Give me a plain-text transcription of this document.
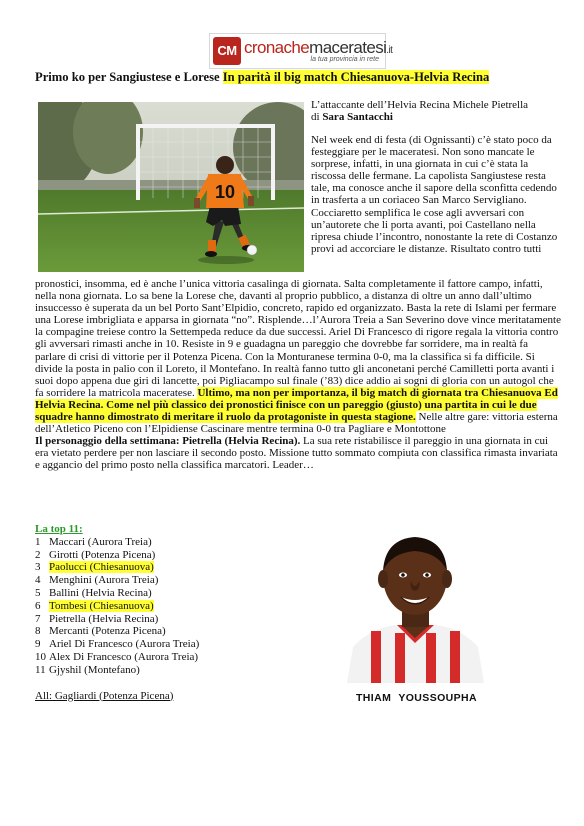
CM cronachemaceratesi.it
la tua provincia in rete
Primo ko per Sangiustese e Lorese In parità il big match Chiesanuova-Helvia Recina
10
L’attaccante dell’Helvia Recina Michele Pietrella
di Sara Santacchi
Nel week end di festa (di Ognissanti) c’è stato poco da festeggiare per le maceratesi. Non sono mancate le sorprese, infatti, in una giornata in cui c’è stata la riscossa delle fermane. La capolista Sangiustese resta tale, ma conosce anche il sapore della sconfitta cedendo in trasferta a un coriaceo San Marco Servigliano. Cocciaretto semplifica le cose agli avversari con un’autorete che li porta avanti, poi Castellano nella ripresa chiude l’incontro, nonostante la rete di Costanzo provi ad accorciare le distanze. Risultato contro tutti

pronostici, insomma, ed è anche l’unica vittoria casalinga di giornata. Salta completamente il fattore campo, infatti, nella nona giornata. Lo sa bene la Lorese che, davanti al proprio pubblico, a distanza di oltre un anno dall’ultimo insuccesso è superata da un bel Porto Sant’Elpidio, concreto, rapido ed organizzato. Basta la rete di Islami per fermare una Lorese imbrigliata e apparsa in giornata “no”. Risplende…l’Aurora Treia a San Severino dove vince meritatamente la compagine treiese contro la Settempeda reduce da due successi. Ariel Di Francesco di rigore regala la vittoria contro gli avversari rimasti anche in 10. Resiste in 9 e guadagna un pareggio che dovrebbe far sorridere, ma in realtà fa parlare di crisi di vittorie per il Potenza Picena. Con la Monturanese termina 0-0, ma la classifica si fa difficile. Si divide la posta in palio con il Loreto, il Montefano. In realtà fanno tutto gli anconetani perché Camilletti porta avanti i suoi dopo appena due giri di lancette, poi Pigliacampo sul finale (’83) dice addio ai sogni di gloria con un autogol che fa sorridere la matricola maceratese. Ultimo, ma non per importanza, il big match di giornata tra Chiesanuova Ed Helvia Recina. Come nel più classico dei pronostici finisce con un pareggio (giusto) una partita in cui le due squadre hanno dimostrato di meritare il ruolo da protagoniste in questa stagione. Nelle altre gare: vittoria esterna dell’Atletico Piceno con l’Elpidiense Cascinare mentre termina 0-0 tra Pagliare e Montottone

Il personaggio della settimana: Pietrella (Helvia Recina). La sua rete ristabilisce il pareggio in una giornata in cui era vietato perdere per non lasciare il secondo posto. Missione tutto sommato compiuta con classifica rimasta invariata e aggancio del primo posto nella classifica marcatori. Leader…

La top 11:
1 Maccari (Aurora Treia)
2 Girotti (Potenza Picena)
3 Paolucci (Chiesanuova)
4 Menghini (Aurora Treia)
5 Ballini (Helvia Recina)
6 Tombesi (Chiesanuova)
7 Pietrella (Helvia Recina)
8 Mercanti (Potenza Picena)
9 Ariel Di Francesco (Aurora Treia)
10 Alex Di Francesco (Aurora Treia)
11 Gjyshil (Montefano)
All: Gagliardi (Potenza Picena)	THIAM YOUSSOUPHA
